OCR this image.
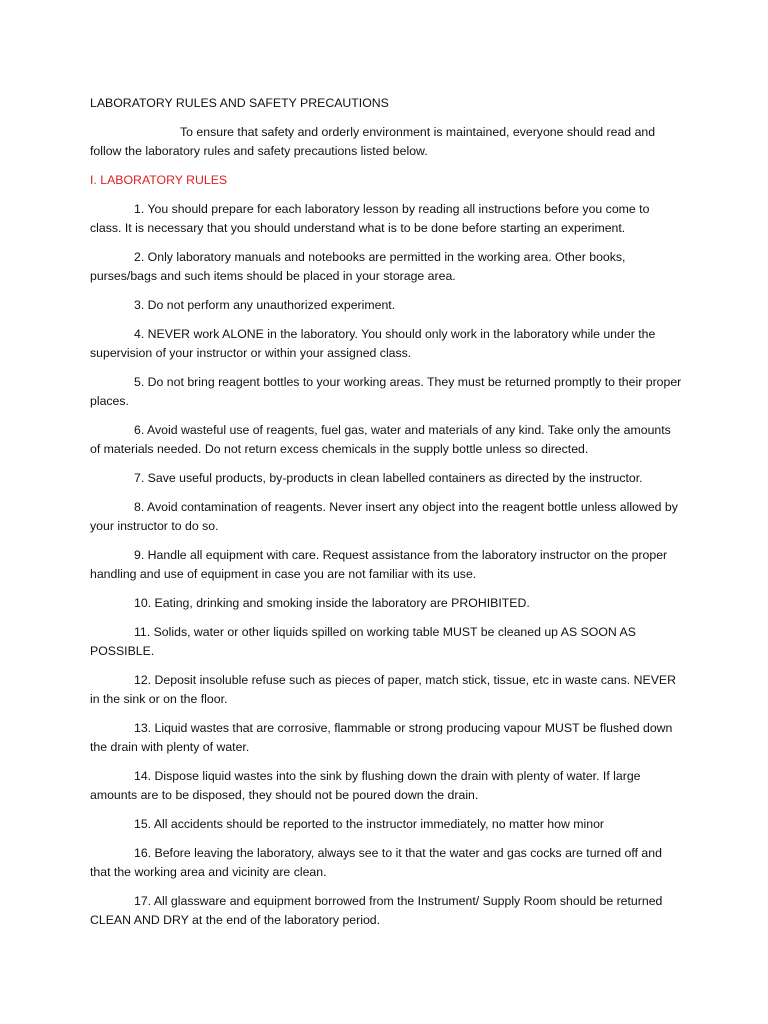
LABORATORY RULES AND SAFETY PRECAUTIONS

To ensure that safety and orderly environment is maintained, everyone should read and follow the laboratory rules and safety precautions listed below.

I. LABORATORY RULES

1. You should prepare for each laboratory lesson by reading all instructions before you come to class. It is necessary that you should understand what is to be done before starting an experiment.

2. Only laboratory manuals and notebooks are permitted in the working area. Other books, purses/bags and such items should be placed in your storage area.

3. Do not perform any unauthorized experiment.

4. NEVER work ALONE in the laboratory. You should only work in the laboratory while under the supervision of your instructor or within your assigned class.

5. Do not bring reagent bottles to your working areas. They must be returned promptly to their proper places.

6. Avoid wasteful use of reagents, fuel gas, water and materials of any kind. Take only the amounts of materials needed. Do not return excess chemicals in the supply bottle unless so directed.

7. Save useful products, by-products in clean labelled containers as directed by the instructor.

8. Avoid contamination of reagents. Never insert any object into the reagent bottle unless allowed by your instructor to do so.

9. Handle all equipment with care. Request assistance from the laboratory instructor on the proper handling and use of equipment in case you are not familiar with its use.

10. Eating, drinking and smoking inside the laboratory are PROHIBITED.

11. Solids, water or other liquids spilled on working table MUST be cleaned up AS SOON AS POSSIBLE.

12. Deposit insoluble refuse such as pieces of paper, match stick, tissue, etc in waste cans. NEVER in the sink or on the floor.

13. Liquid wastes that are corrosive, flammable or strong producing vapour MUST be flushed down the drain with plenty of water.

14. Dispose liquid wastes into the sink by flushing down the drain with plenty of water. If large amounts are to be disposed, they should not be poured down the drain.

15. All accidents should be reported to the instructor immediately, no matter how minor

16. Before leaving the laboratory, always see to it that the water and gas cocks are turned off and that the working area and vicinity are clean.

17. All glassware and equipment borrowed from the Instrument/ Supply Room should be returned CLEAN AND DRY at the end of the laboratory period.
